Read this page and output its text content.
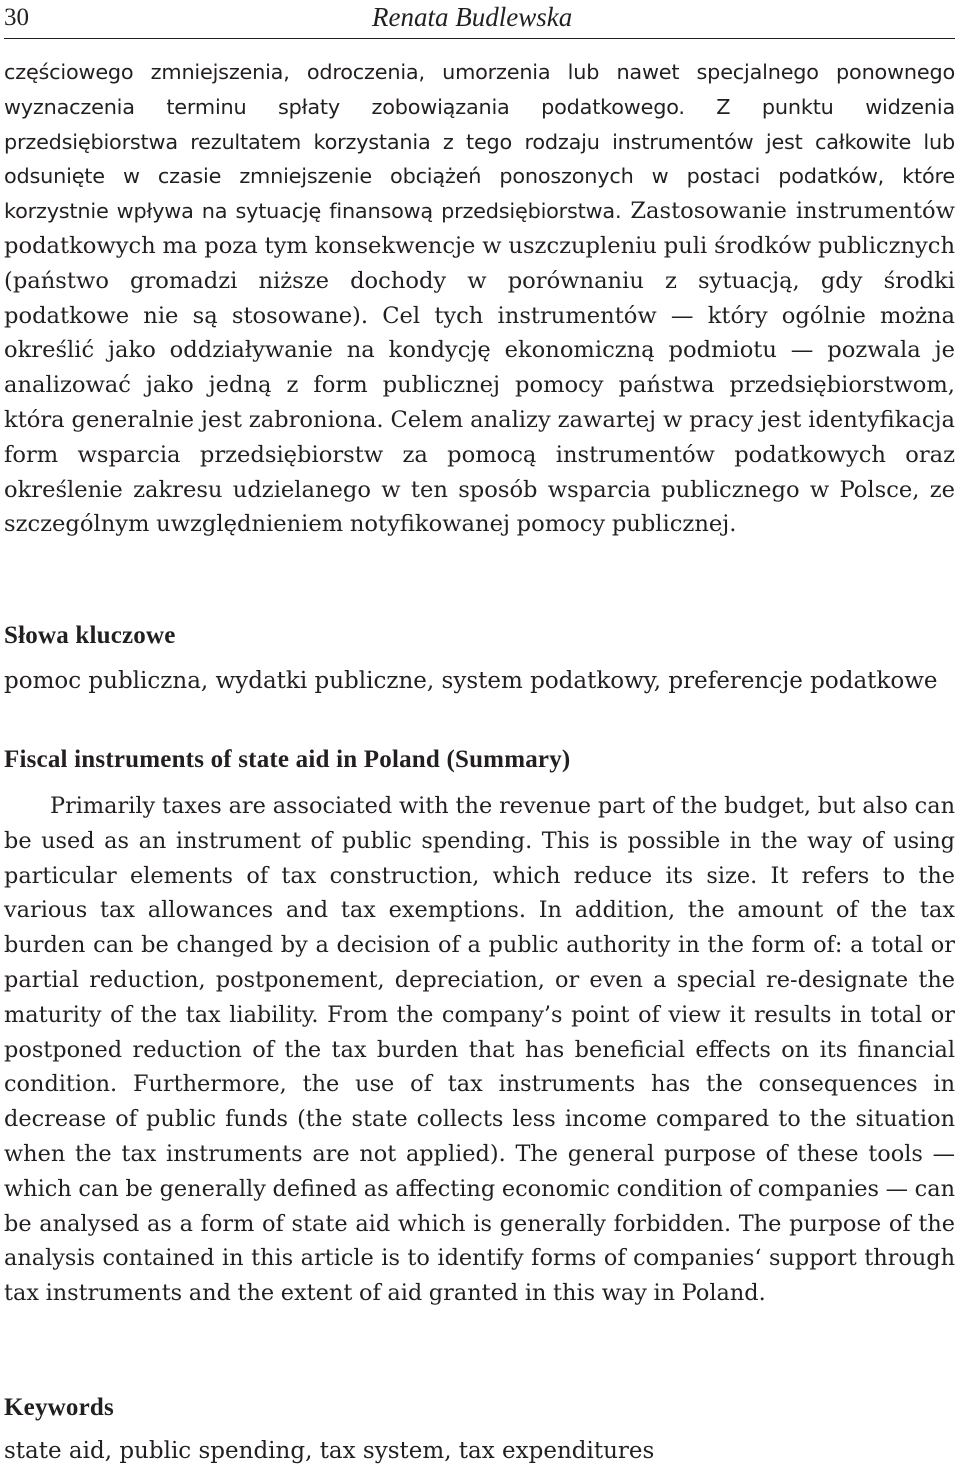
30	Renata Budlewska

częściowego zmniejszenia, odroczenia, umorzenia lub nawet specjalnego ponownego wyznaczenia terminu spłaty zobowiązania podatkowego. Z punktu widzenia przedsiębiorstwa rezultatem korzystania z tego rodzaju instrumentów jest całkowite lub odsunięte w czasie zmniejszenie obciążeń ponoszonych w postaci podatków, które korzystnie wpływa na sytuację finansową przedsiębiorstwa. Zastosowanie instrumentów podatkowych ma poza tym konsekwencje w uszczupleniu puli środków publicznych (państwo gromadzi niższe dochody w porównaniu z sytuacją, gdy środki podatkowe nie są stosowane). Cel tych instrumentów — który ogólnie można określić jako oddziaływanie na kondycję ekonomiczną podmiotu — pozwala je analizować jako jedną z form publicznej pomocy państwa przedsiębiorstwom, która generalnie jest zabroniona. Celem analizy zawartej w pracy jest identyfikacja form wsparcia przedsiębiorstw za pomocą instrumentów podatkowych oraz określenie zakresu udzielanego w ten sposób wsparcia publicznego w Polsce, ze szczególnym uwzględnieniem notyfikowanej pomocy publicznej.

Słowa kluczowe
pomoc publiczna, wydatki publiczne, system podatkowy, preferencje podatkowe
Fiscal instruments of state aid in Poland (Summary)

Primarily taxes are associated with the revenue part of the budget, but also can be used as an instrument of public spending. This is possible in the way of using particular elements of tax construction, which reduce its size. It refers to the various tax allowances and tax exemptions. In addition, the amount of the tax burden can be changed by a decision of a public authority in the form of: a total or partial reduction, postponement, depreciation, or even a special re-designate the maturity of the tax liability. From the company’s point of view it results in total or postponed reduction of the tax burden that has beneficial effects on its financial condition. Furthermore, the use of tax instruments has the consequences in decrease of public funds (the state collects less income compared to the situation when the tax instruments are not applied). The general purpose of these tools — which can be generally defined as affecting economic condition of companies — can be analysed as a form of state aid which is generally forbidden. The purpose of the analysis contained in this article is to identify forms of companies‘ support through tax instruments and the extent of aid granted in this way in Poland.

Keywords
state aid, public spending, tax system, tax expenditures
